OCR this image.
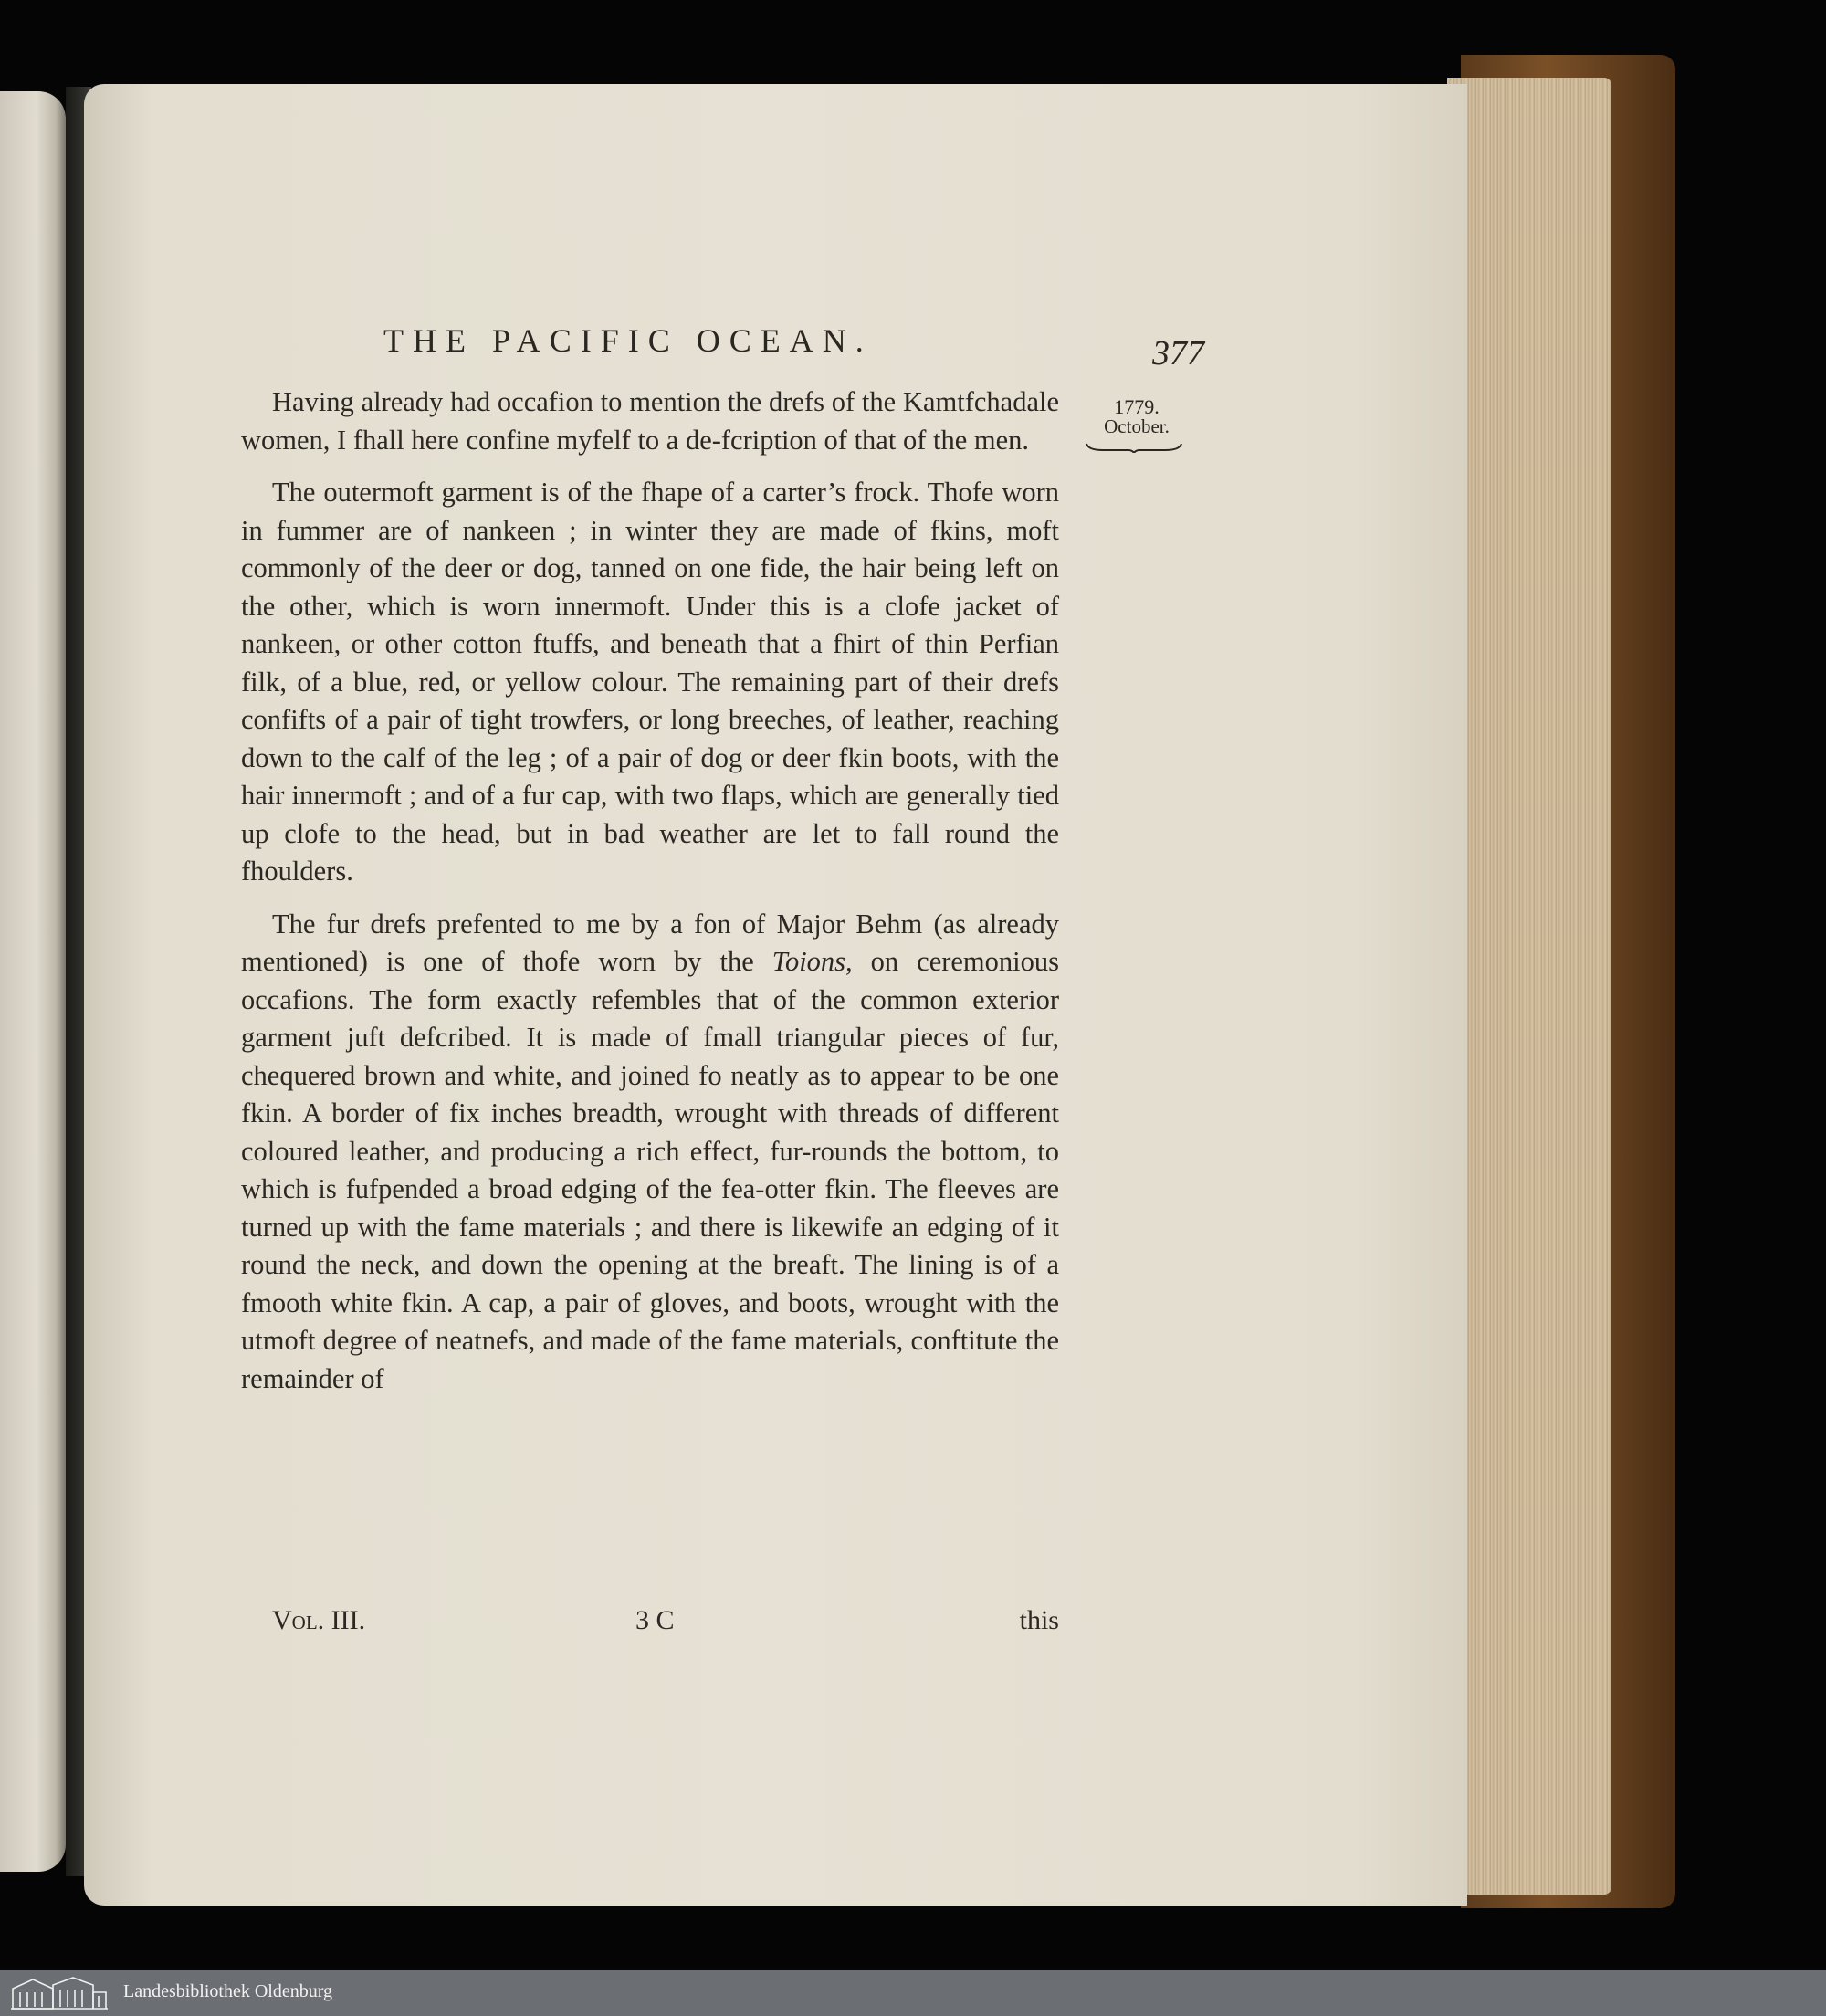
THE PACIFIC OCEAN.	377
1779.
October.

Having already had occafion to mention the drefs of the Kamtfchadale women, I fhall here confine myfelf to a de-fcription of that of the men.

The outermoft garment is of the fhape of a carter’s frock. Thofe worn in fummer are of nankeen ; in winter they are made of fkins, moft commonly of the deer or dog, tanned on one fide, the hair being left on the other, which is worn innermoft. Under this is a clofe jacket of nankeen, or other cotton ftuffs, and beneath that a fhirt of thin Perfian filk, of a blue, red, or yellow colour. The remaining part of their drefs confifts of a pair of tight trowfers, or long breeches, of leather, reaching down to the calf of the leg ; of a pair of dog or deer fkin boots, with the hair innermoft ; and of a fur cap, with two flaps, which are generally tied up clofe to the head, but in bad weather are let to fall round the fhoulders.

The fur drefs prefented to me by a fon of Major Behm (as already mentioned) is one of thofe worn by the Toions, on ceremonious occafions. The form exactly refembles that of the common exterior garment juft defcribed. It is made of fmall triangular pieces of fur, chequered brown and white, and joined fo neatly as to appear to be one fkin. A border of fix inches breadth, wrought with threads of different coloured leather, and producing a rich effect, fur-rounds the bottom, to which is fufpended a broad edging of the fea-otter fkin. The fleeves are turned up with the fame materials ; and there is likewife an edging of it round the neck, and down the opening at the breaft. The lining is of a fmooth white fkin. A cap, a pair of gloves, and boots, wrought with the utmoft degree of neatnefs, and made of the fame materials, conftitute the remainder of

Vol. III.	3 C	this
Landesbibliothek Oldenburg
